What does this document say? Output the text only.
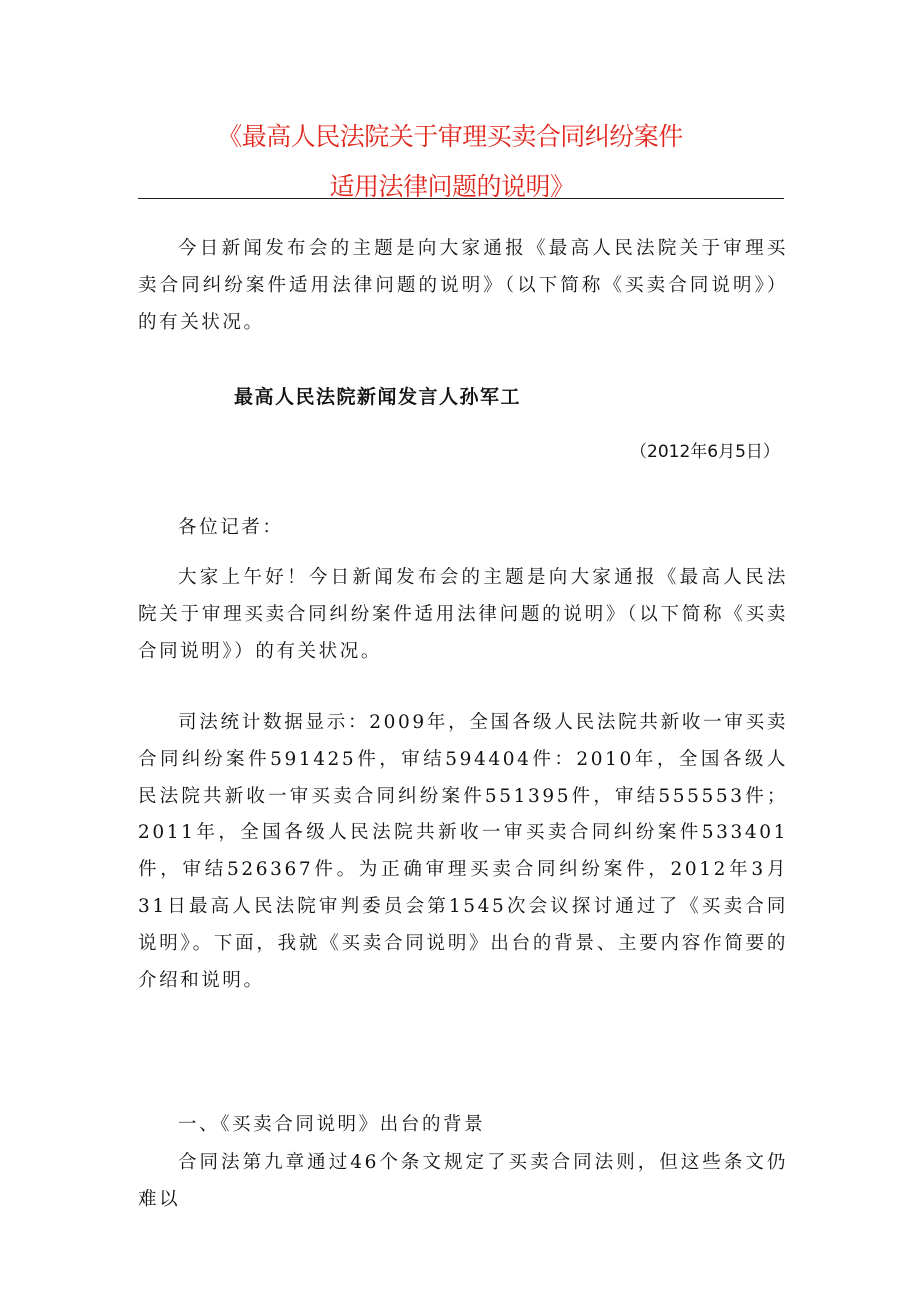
《最高人民法院关于审理买卖合同纠纷案件
适用法律问题的说明》
今日新闻发布会的主题是向大家通报《最高人民法院关于审理买卖合同纠纷案件适用法律问题的说明》（以下简称《买卖合同说明》）的有关状况。
最高人民法院新闻发言人孙军工
（2012年6月5日）
各位记者：
大家上午好！今日新闻发布会的主题是向大家通报《最高人民法院关于审理买卖合同纠纷案件适用法律问题的说明》（以下简称《买卖合同说明》）的有关状况。
司法统计数据显示：2009年，全国各级人民法院共新收一审买卖合同纠纷案件591425件，审结594404件：2010年，全国各级人民法院共新收一审买卖合同纠纷案件551395件，审结555553件；2011年，全国各级人民法院共新收一审买卖合同纠纷案件533401件，审结526367件。为正确审理买卖合同纠纷案件，2012年3月31日最高人民法院审判委员会第1545次会议探讨通过了《买卖合同说明》。下面，我就《买卖合同说明》出台的背景、主要内容作简要的介绍和说明。
一、《买卖合同说明》出台的背景
合同法第九章通过46个条文规定了买卖合同法则，但这些条文仍难以
